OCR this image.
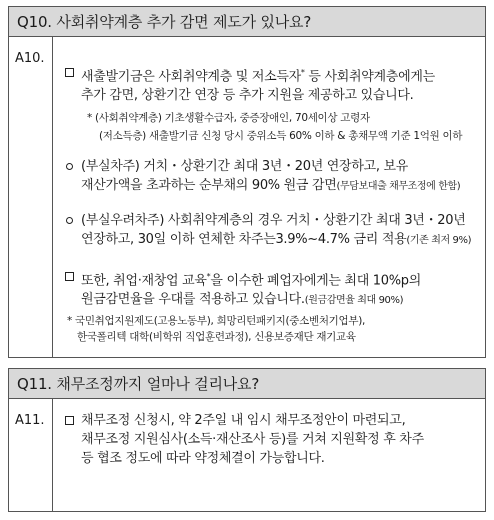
Q10. 사회취약계층 추가 감면 제도가 있나요?
A10.
새출발기금은 사회취약계층 및 저소득자* 등 사회취약계층에게는
추가 감면, 상환기간 연장 등 추가 지원을 제공하고 있습니다.
* (사회취약계층) 기초생활수급자, 중증장애인, 70세이상 고령자
(저소득층) 새출발기금 신청 당시 중위소득 60% 이하 & 총채무액 기준 1억원 이하
(부실차주) 거치・상환기간 최대 3년・20년 연장하고, 보유
재산가액을 초과하는 순부채의 90% 원금 감면(무담보대출 채무조정에 한함)
(부실우려차주) 사회취약계층의 경우 거치・상환기간 최대 3년・20년
연장하고, 30일 이하 연체한 차주는3.9%~4.7% 금리 적용(기존 최저 9%)
또한, 취업·재창업 교육*을 이수한 폐업자에게는 최대 10%p의
원금감면율을 우대를 적용하고 있습니다.(원금감면율 최대 90%)
* 국민취업지원제도(고용노동부), 희망리턴패키지(중소벤처기업부),
한국폴리텍 대학(비학위 직업훈련과정), 신용보증재단 재기교육
Q11. 채무조정까지 얼마나 걸리나요?
A11.	채무조정 신청시, 약 2주일 내 임시 채무조정안이 마련되고,
채무조정 지원심사(소득·재산조사 등)를 거쳐 지원확정 후 차주
등 협조 정도에 따라 약정체결이 가능합니다.
